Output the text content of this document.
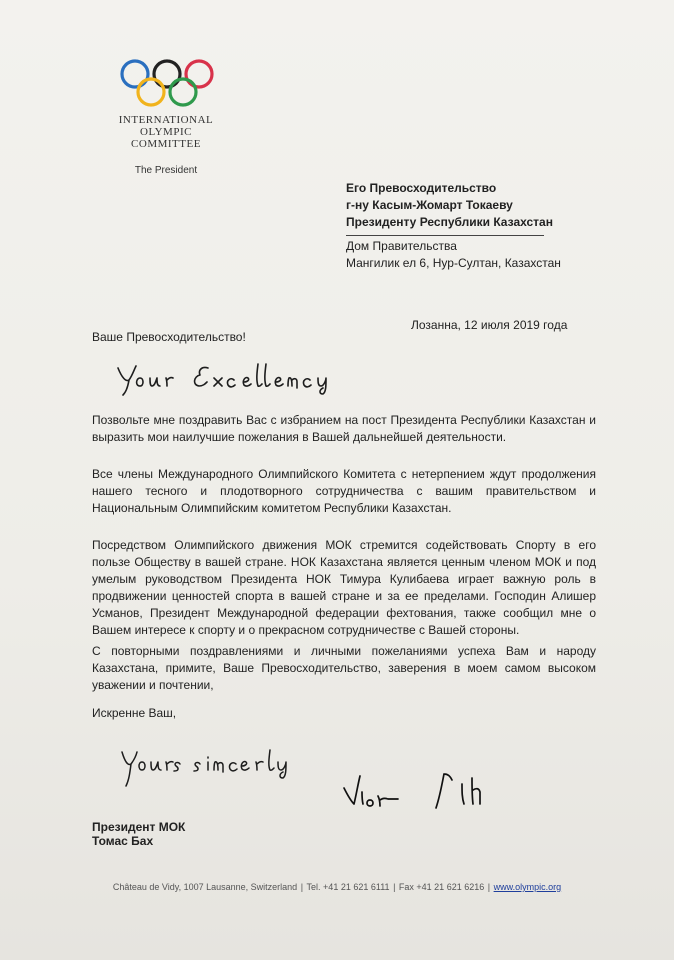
INTERNATIONAL
OLYMPIC
COMMITTEE
The President
Его Превосходительство
г-ну Касым-Жомарт Токаеву
Президенту Республики Казахстан
Дом Правительства
Мангилик ел 6, Нур-Султан, Казахстан
Лозанна, 12 июля 2019 года
Ваше Превосходительство!
Позвольте мне поздравить Вас с избранием на пост Президента Республики Казахстан и выразить мои наилучшие пожелания в Вашей дальнейшей деятельности.
Все члены Международного Олимпийского Комитета с нетерпением ждут продолжения нашего тесного и плодотворного сотрудничества с вашим правительством и Национальным Олимпийским комитетом Республики Казахстан.
Посредством Олимпийского движения МОК стремится содействовать Спорту в его пользе Обществу в вашей стране. НОК Казахстана является ценным членом МОК и под умелым руководством Президента НОК Тимура Кулибаева играет важную роль в продвижении ценностей спорта в вашей стране и за ее пределами. Господин Алишер Усманов, Президент Международной федерации фехтования, также сообщил мне о Вашем интересе к спорту и о прекрасном сотрудничестве с Вашей стороны.
С повторными поздравлениями и личными пожеланиями успеха Вам и народу Казахстана, примите, Ваше Превосходительство, заверения в моем самом высоком уважении и почтении,
Искренне Ваш,
Президент МОК
Томас Бах
Château de Vidy, 1007 Lausanne, Switzerland | Tel. +41 21 621 6111 | Fax +41 21 621 6216 | www.olympic.org
